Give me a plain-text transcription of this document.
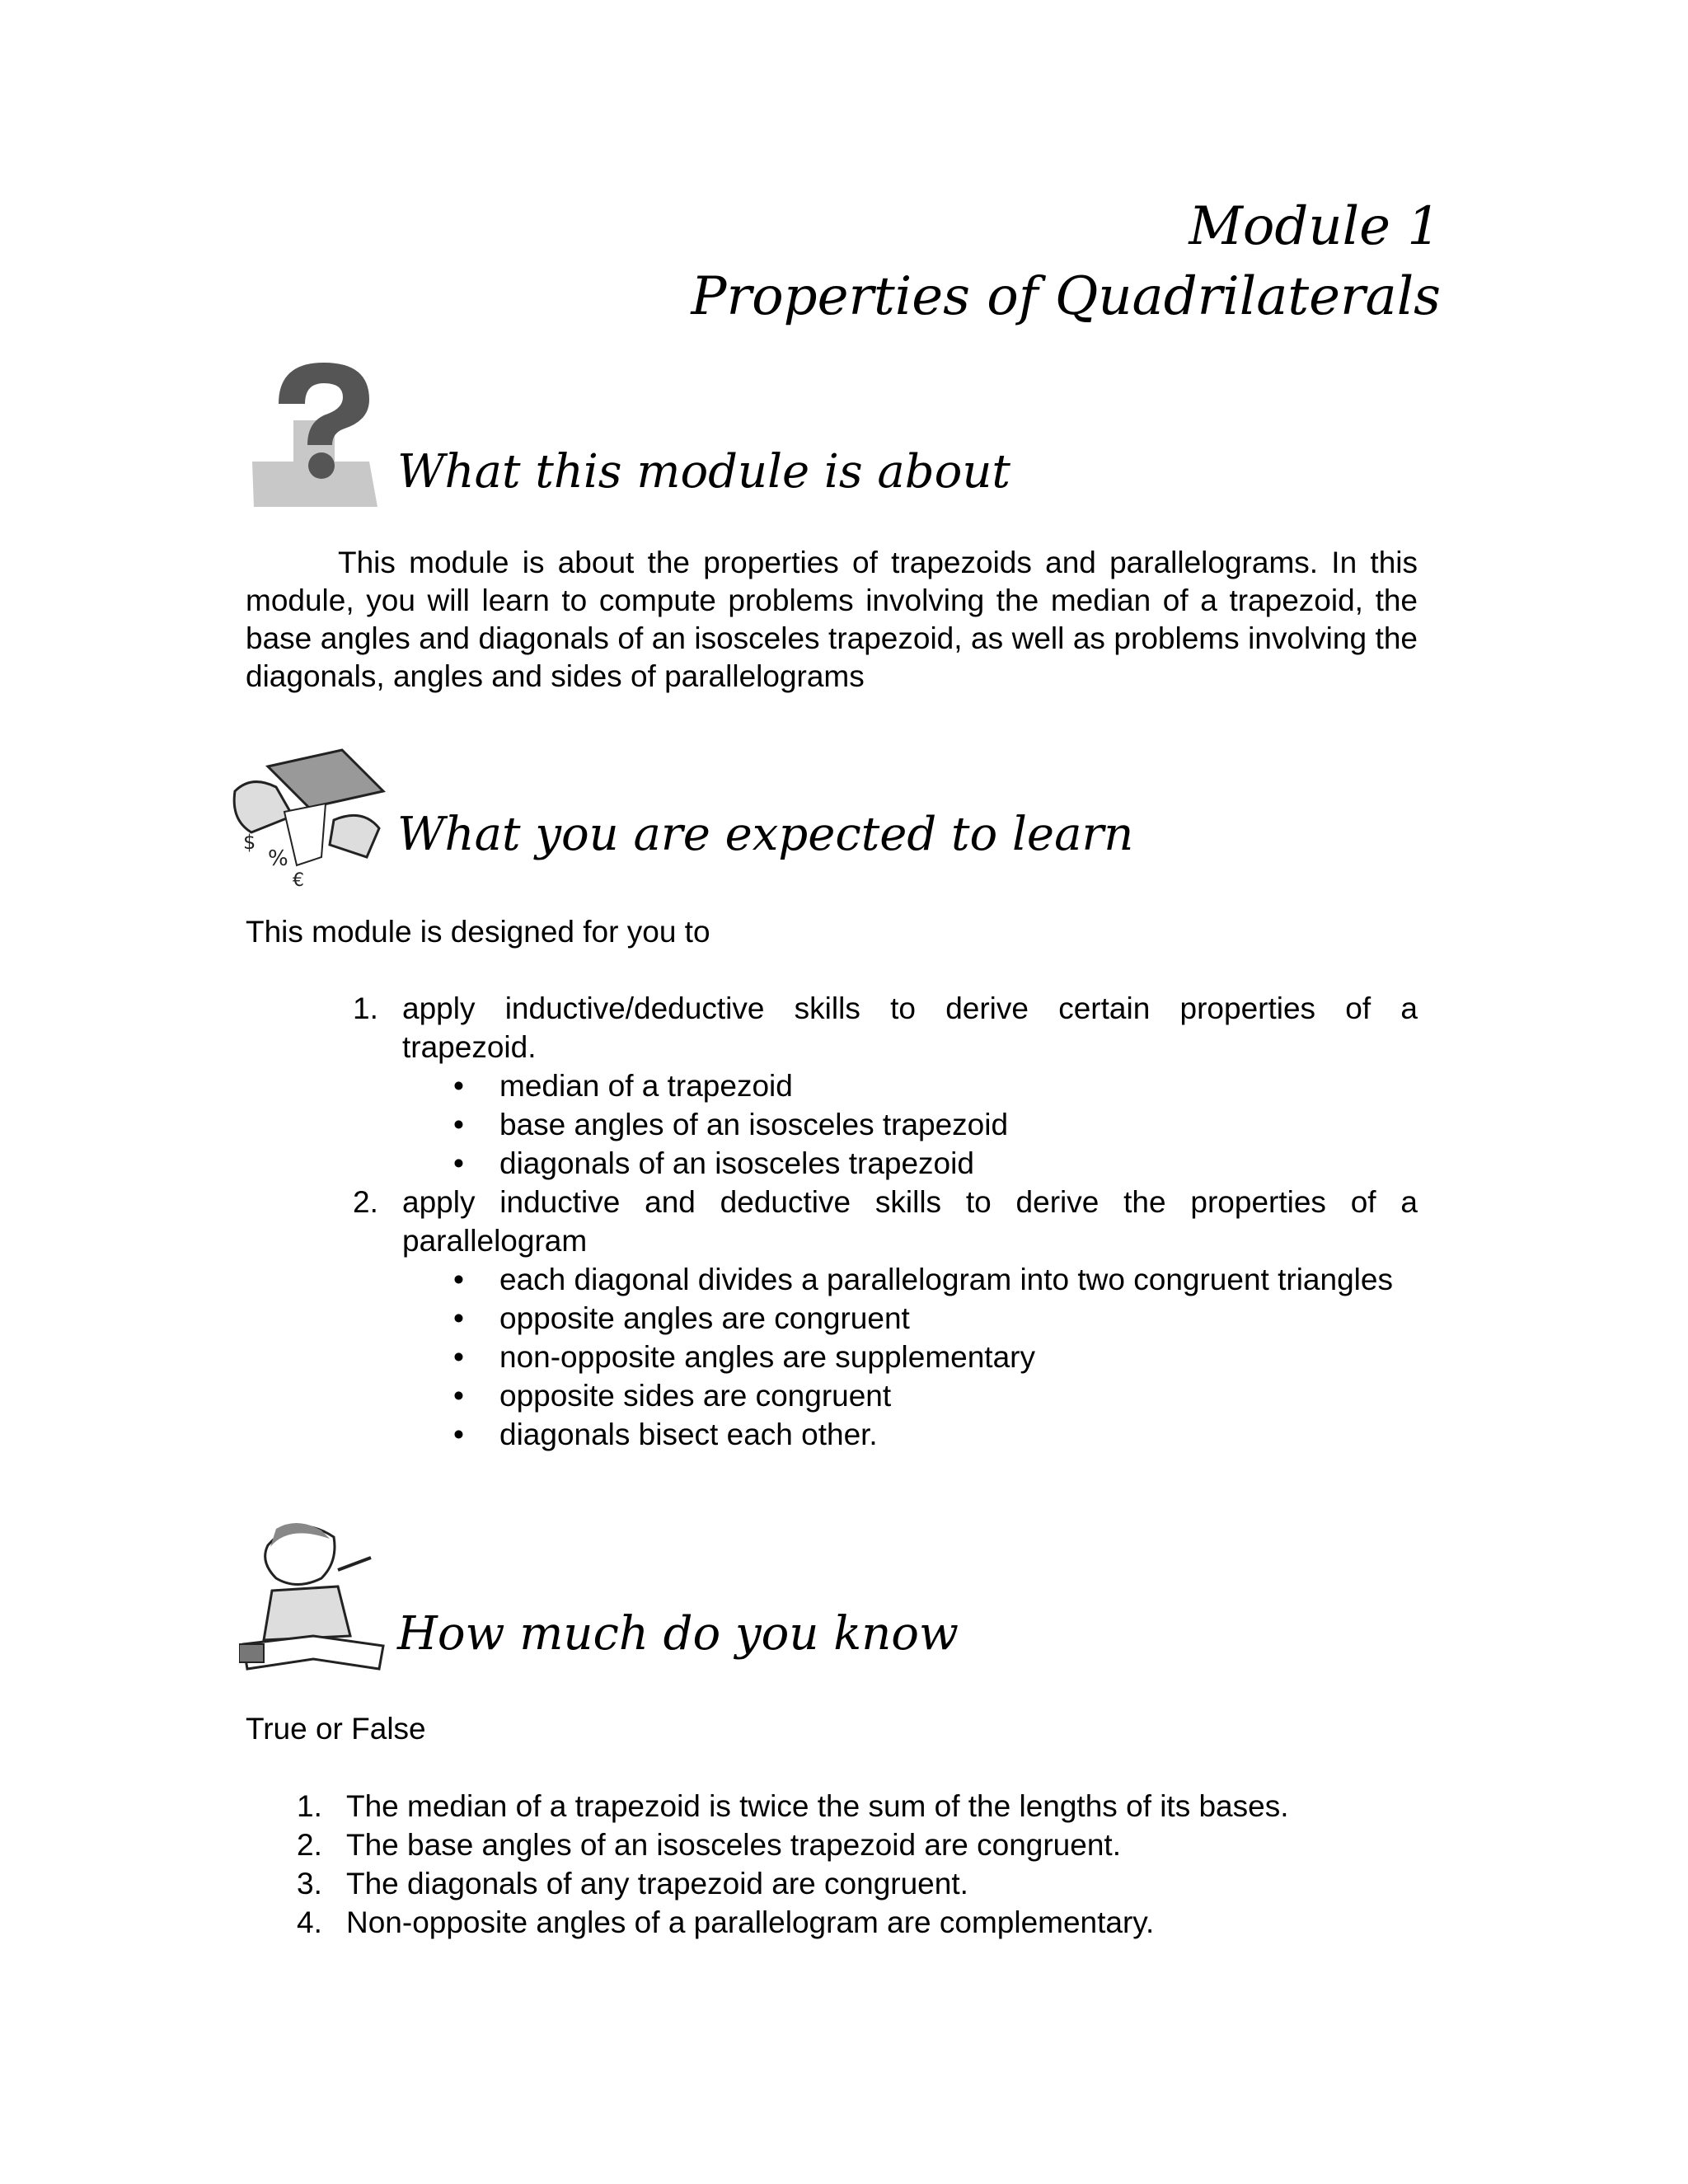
Module 1
Properties of Quadrilaterals
What this module is about
This module is about the properties of trapezoids and parallelograms. In this module, you will learn to compute problems involving the median of a trapezoid, the base angles and diagonals of an isosceles trapezoid, as well as problems involving the diagonals, angles and sides of parallelograms
%
$
€
What you are expected to learn
This module is designed for you to
1. apply inductive/deductive skills to derive certain properties of a
trapezoid.
• median of a trapezoid
• base angles of an isosceles trapezoid
• diagonals of an isosceles trapezoid
2. apply inductive and deductive skills to derive the properties of a
parallelogram
• each diagonal divides a parallelogram into two congruent triangles
• opposite angles are congruent
• non-opposite angles are supplementary
• opposite sides are congruent
• diagonals bisect each other.
How much do you know
True or False
1. The median of a trapezoid is twice the sum of the lengths of its bases.
2. The base angles of an isosceles trapezoid are congruent.
3. The diagonals of any trapezoid are congruent.
4. Non-opposite angles of a parallelogram are complementary.
